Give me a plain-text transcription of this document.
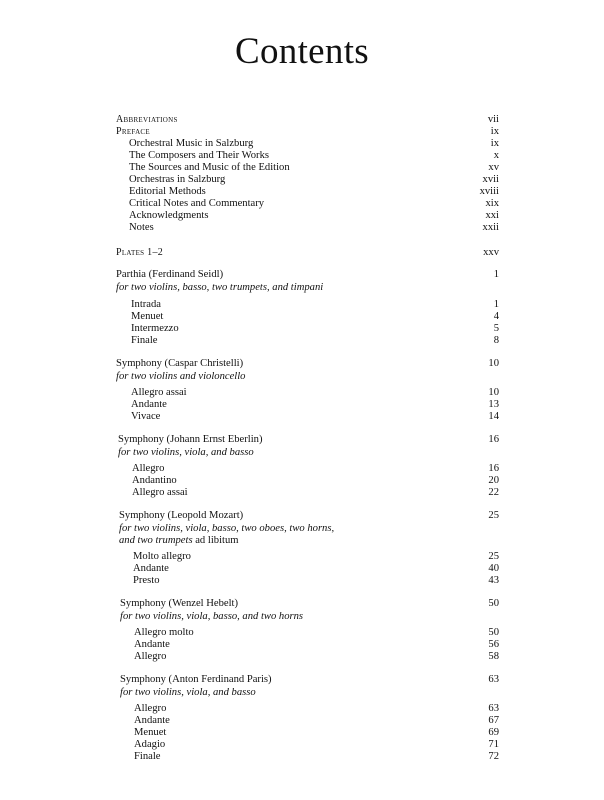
Contents
Abbreviations	vii
Preface	ix
Orchestral Music in Salzburg	ix
The Composers and Their Works	x
The Sources and Music of the Edition	xv
Orchestras in Salzburg	xvii
Editorial Methods	xviii
Critical Notes and Commentary	xix
Acknowledgments	xxi
Notes	xxii
Plates 1–2	xxv
Parthia (Ferdinand Seidl)	1
for two violins, basso, two trumpets, and timpani
Intrada	1
Menuet	4
Intermezzo	5
Finale	8
Symphony (Caspar Christelli)	10
for two violins and violoncello
Allegro assai	10
Andante	13
Vivace	14
Symphony (Johann Ernst Eberlin)	16
for two violins, viola, and basso
Allegro	16
Andantino	20
Allegro assai	22
Symphony (Leopold Mozart)	25
for two violins, viola, basso, two oboes, two horns,
and two trumpets ad libitum
Molto allegro	25
Andante	40
Presto	43
Symphony (Wenzel Hebelt)	50
for two violins, viola, basso, and two horns
Allegro molto	50
Andante	56
Allegro	58
Symphony (Anton Ferdinand Paris)	63
for two violins, viola, and basso
Allegro	63
Andante	67
Menuet	69
Adagio	71
Finale	72
